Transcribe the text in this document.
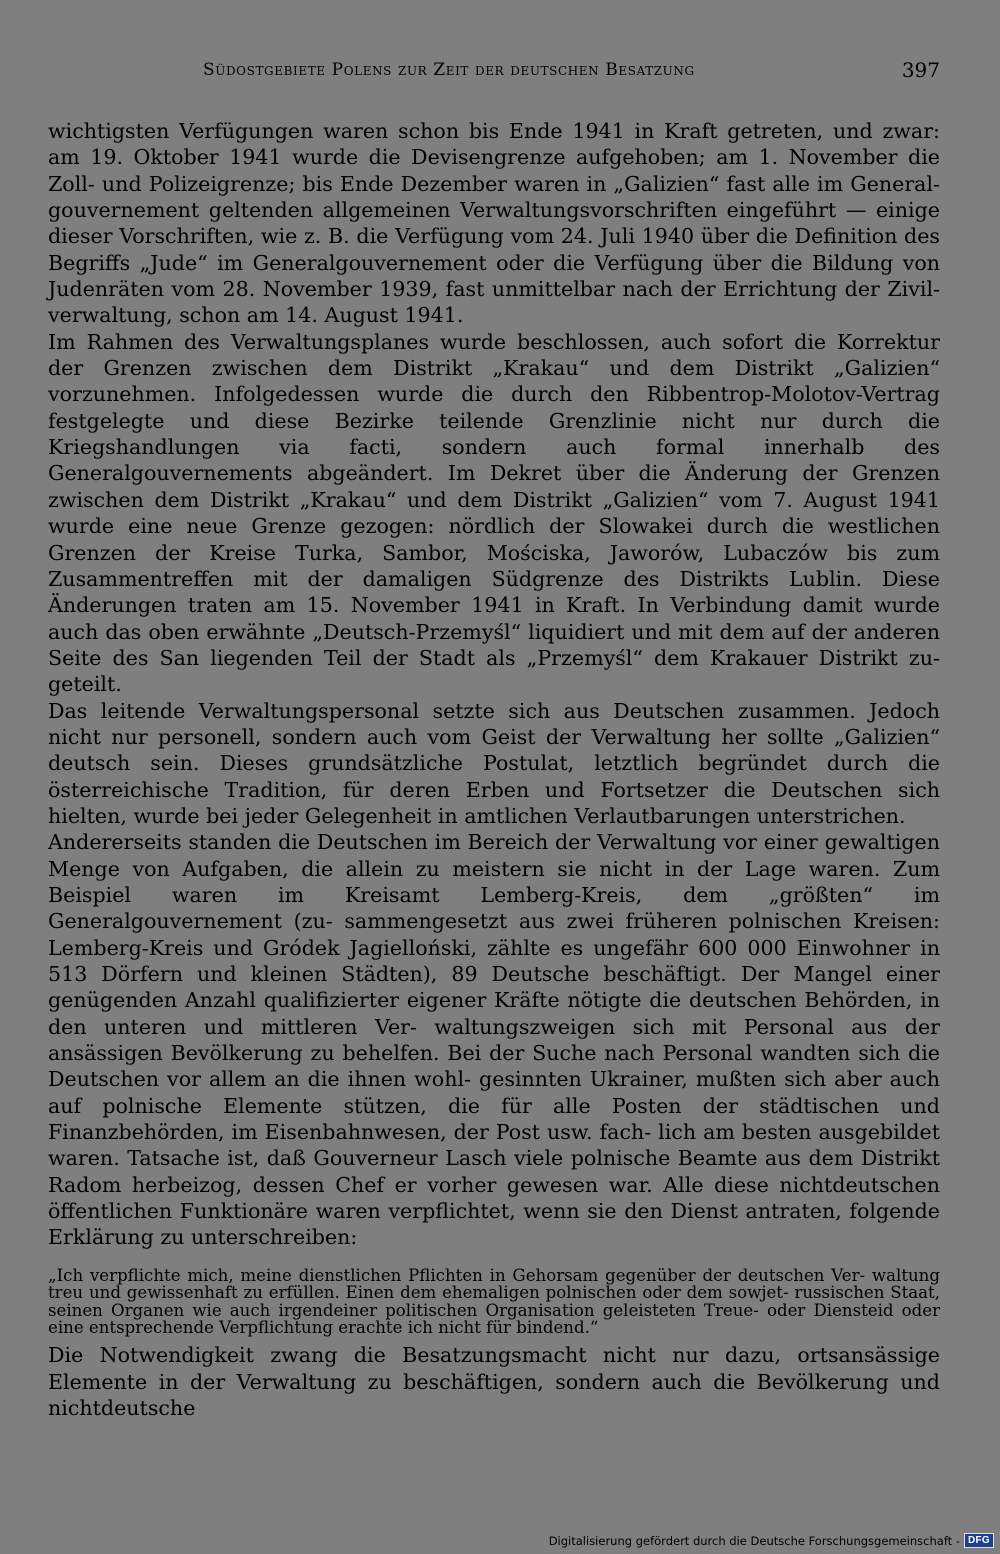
Südostgebiete Polens zur Zeit der deutschen Besatzung	397

wichtigsten Verfügungen waren schon bis Ende 1941 in Kraft getreten, und zwar: am 19. Oktober 1941 wurde die Devisengrenze aufgehoben; am 1. November die Zoll- und Polizeigrenze; bis Ende Dezember waren in „Galizien“ fast alle im General- gouvernement geltenden allgemeinen Verwaltungsvorschriften eingeführt — einige dieser Vorschriften, wie z. B. die Verfügung vom 24. Juli 1940 über die Definition des Begriffs „Jude“ im Generalgouvernement oder die Verfügung über die Bildung von Judenräten vom 28. November 1939, fast unmittelbar nach der Errichtung der Zivil- verwaltung, schon am 14. August 1941.

Im Rahmen des Verwaltungsplanes wurde beschlossen, auch sofort die Korrektur der Grenzen zwischen dem Distrikt „Krakau“ und dem Distrikt „Galizien“ vorzunehmen. Infolgedessen wurde die durch den Ribbentrop-Molotov-Vertrag festgelegte und diese Bezirke teilende Grenzlinie nicht nur durch die Kriegshandlungen via facti, sondern auch formal innerhalb des Generalgouvernements abgeändert. Im Dekret über die Änderung der Grenzen zwischen dem Distrikt „Krakau“ und dem Distrikt „Galizien“ vom 7. August 1941 wurde eine neue Grenze gezogen: nördlich der Slowakei durch die westlichen Grenzen der Kreise Turka, Sambor, Mościska, Jaworów, Lubaczów bis zum Zusammentreffen mit der damaligen Südgrenze des Distrikts Lublin. Diese Änderungen traten am 15. November 1941 in Kraft. In Verbindung damit wurde auch das oben erwähnte „Deutsch-Przemyśl“ liquidiert und mit dem auf der anderen Seite des San liegenden Teil der Stadt als „Przemyśl“ dem Krakauer Distrikt zu- geteilt.

Das leitende Verwaltungspersonal setzte sich aus Deutschen zusammen. Jedoch nicht nur personell, sondern auch vom Geist der Verwaltung her sollte „Galizien“ deutsch sein. Dieses grundsätzliche Postulat, letztlich begründet durch die österreichische Tradition, für deren Erben und Fortsetzer die Deutschen sich hielten, wurde bei jeder Gelegenheit in amtlichen Verlautbarungen unterstrichen.

Andererseits standen die Deutschen im Bereich der Verwaltung vor einer gewaltigen Menge von Aufgaben, die allein zu meistern sie nicht in der Lage waren. Zum Beispiel waren im Kreisamt Lemberg-Kreis, dem „größten“ im Generalgouvernement (zu- sammengesetzt aus zwei früheren polnischen Kreisen: Lemberg-Kreis und Gródek Jagielloński, zählte es ungefähr 600 000 Einwohner in 513 Dörfern und kleinen Städten), 89 Deutsche beschäftigt. Der Mangel einer genügenden Anzahl qualifizierter eigener Kräfte nötigte die deutschen Behörden, in den unteren und mittleren Ver- waltungszweigen sich mit Personal aus der ansässigen Bevölkerung zu behelfen. Bei der Suche nach Personal wandten sich die Deutschen vor allem an die ihnen wohl- gesinnten Ukrainer, mußten sich aber auch auf polnische Elemente stützen, die für alle Posten der städtischen und Finanzbehörden, im Eisenbahnwesen, der Post usw. fach- lich am besten ausgebildet waren. Tatsache ist, daß Gouverneur Lasch viele polnische Beamte aus dem Distrikt Radom herbeizog, dessen Chef er vorher gewesen war. Alle diese nichtdeutschen öffentlichen Funktionäre waren verpflichtet, wenn sie den Dienst antraten, folgende Erklärung zu unterschreiben:

„Ich verpflichte mich, meine dienstlichen Pflichten in Gehorsam gegenüber der deutschen Ver- waltung treu und gewissenhaft zu erfüllen. Einen dem ehemaligen polnischen oder dem sowjet- russischen Staat, seinen Organen wie auch irgendeiner politischen Organisation geleisteten Treue- oder Diensteid oder eine entsprechende Verpflichtung erachte ich nicht für bindend.“

Die Notwendigkeit zwang die Besatzungsmacht nicht nur dazu, ortsansässige Elemente in der Verwaltung zu beschäftigen, sondern auch die Bevölkerung und nichtdeutsche

Digitalisierung gefördert durch die Deutsche Forschungsgemeinschaft - DFG
